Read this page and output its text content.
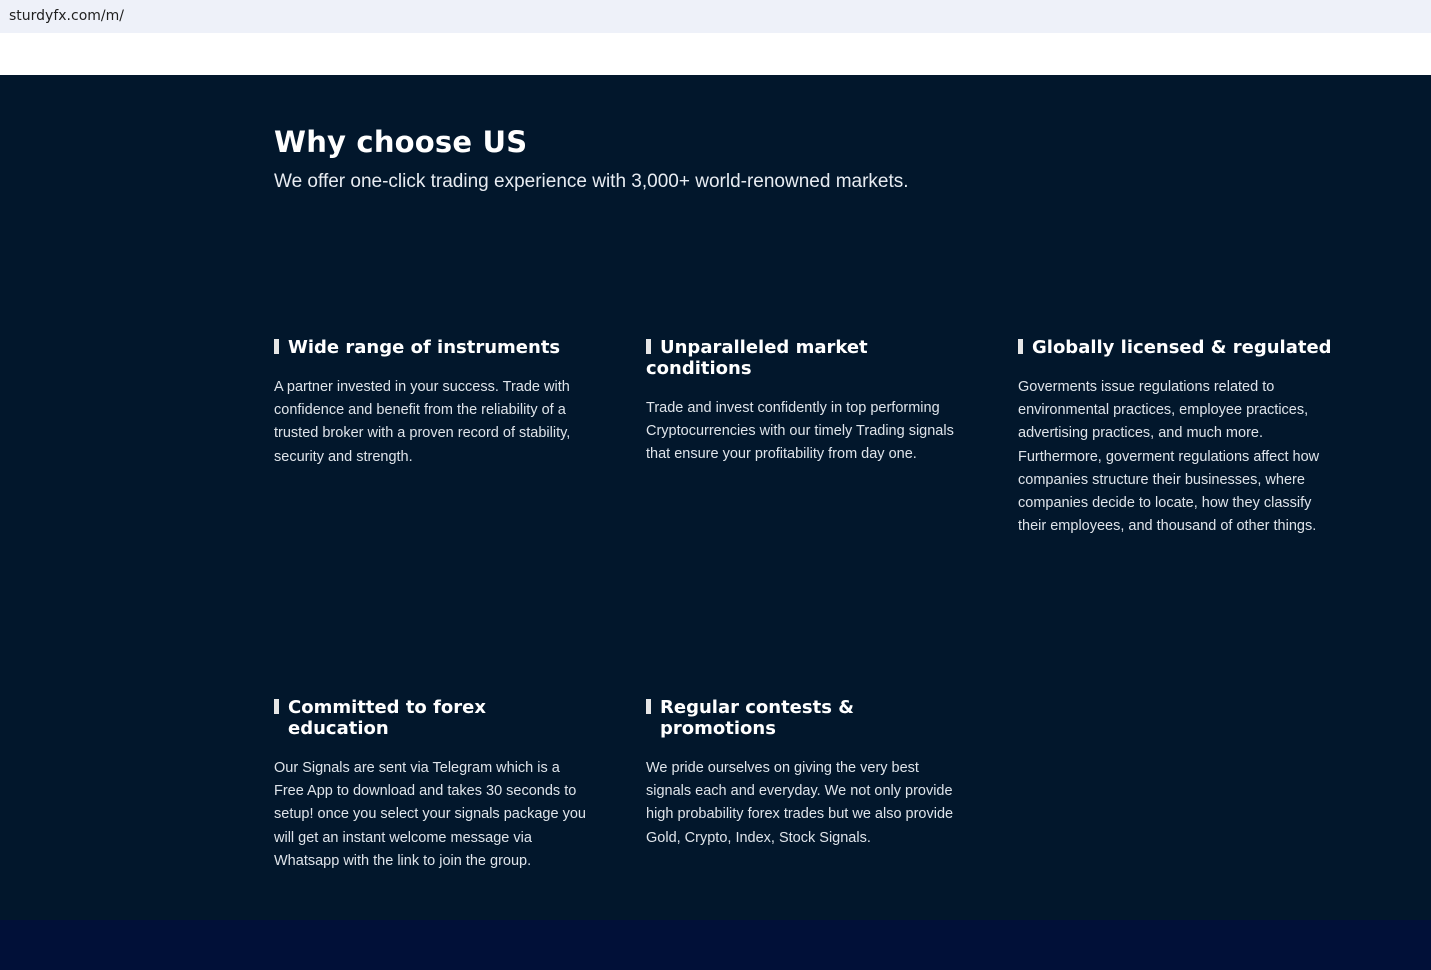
sturdyfx.com/m/
Why choose US

We offer one-click trading experience with 3,000+ world-renowned markets.

Wide range of instruments

A partner invested in your success. Trade with confidence and benefit from the reliability of a trusted broker with a proven record of stability, security and strength.

Unparalleled market
conditions

Trade and invest confidently in top performing Cryptocurrencies with our timely Trading signals that ensure your profitability from day one.

Globally licensed & regulated

Goverments issue regulations related to environmental practices, employee practices, advertising practices, and much more. Furthermore, goverment regulations affect how companies structure their businesses, where companies decide to locate, how they classify their employees, and thousand of other things.

Committed to forex education

Our Signals are sent via Telegram which is a Free App to download and takes 30 seconds to setup! once you select your signals package you will get an instant welcome message via Whatsapp with the link to join the group.

Regular contests & promotions

We pride ourselves on giving the very best signals each and everyday. We not only provide high probability forex trades but we also provide Gold, Crypto, Index, Stock Signals.
